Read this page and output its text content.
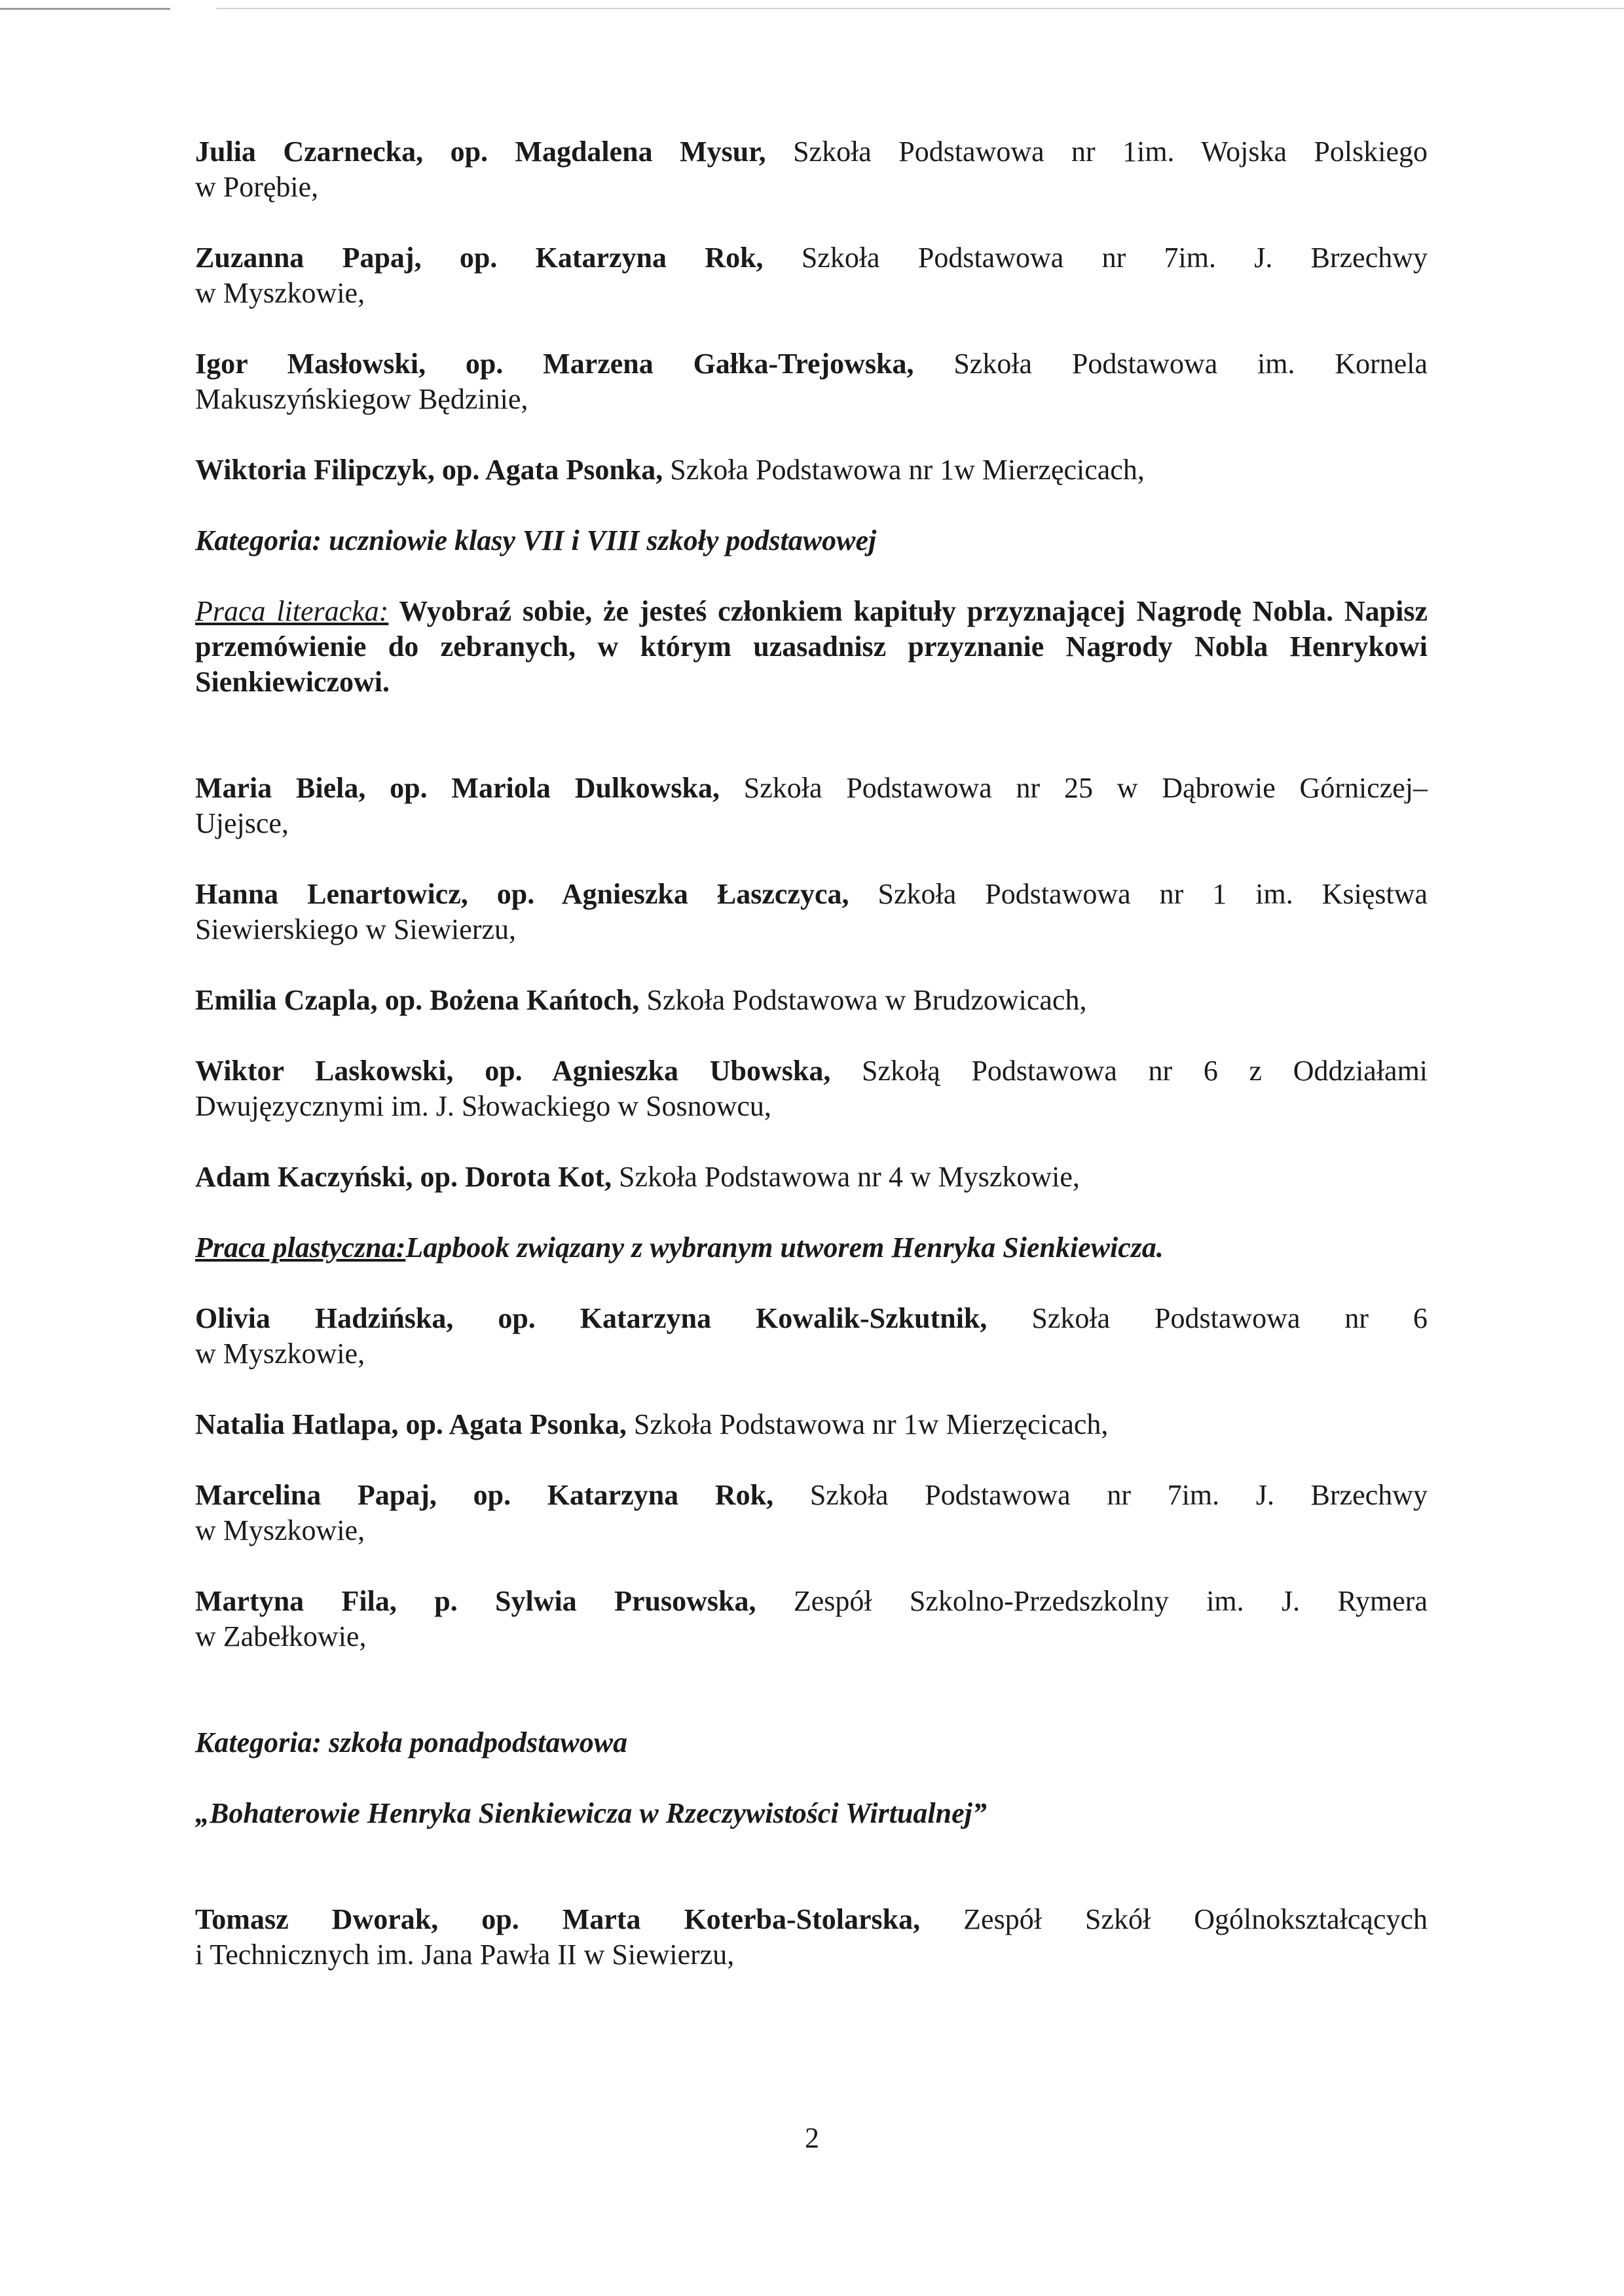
Julia Czarnecka, op. Magdalena Mysur, Szkoła Podstawowa nr 1im. Wojska Polskiego
w Porębie,
Zuzanna Papaj, op. Katarzyna Rok, Szkoła Podstawowa nr 7im. J. Brzechwy
w Myszkowie,
Igor Masłowski, op. Marzena Gałka-Trejowska, Szkoła Podstawowa im. Kornela
Makuszyńskiegow Będzinie,
Wiktoria Filipczyk, op. Agata Psonka, Szkoła Podstawowa nr 1w Mierzęcicach,
Kategoria: uczniowie klasy VII i VIII szkoły podstawowej
Praca literacka: Wyobraź sobie, że jesteś członkiem kapituły przyznającej Nagrodę Nobla. Napisz przemówienie do zebranych, w którym uzasadnisz przyznanie Nagrody Nobla Henrykowi Sienkiewiczowi.
Maria Biela, op. Mariola Dulkowska, Szkoła Podstawowa nr 25 w Dąbrowie Górniczej–
Ujejsce,
Hanna Lenartowicz, op. Agnieszka Łaszczyca, Szkoła Podstawowa nr 1 im. Księstwa
Siewierskiego w Siewierzu,
Emilia Czapla, op. Bożena Kańtoch, Szkoła Podstawowa w Brudzowicach,
Wiktor Laskowski, op. Agnieszka Ubowska, Szkołą Podstawowa nr 6 z Oddziałami
Dwujęzycznymi im. J. Słowackiego w Sosnowcu,
Adam Kaczyński, op. Dorota Kot, Szkoła Podstawowa nr 4 w Myszkowie,
Praca plastyczna:Lapbook związany z wybranym utworem Henryka Sienkiewicza.
Olivia Hadzińska, op. Katarzyna Kowalik-Szkutnik, Szkoła Podstawowa nr 6
w Myszkowie,
Natalia Hatlapa, op. Agata Psonka, Szkoła Podstawowa nr 1w Mierzęcicach,
Marcelina Papaj, op. Katarzyna Rok, Szkoła Podstawowa nr 7im. J. Brzechwy
w Myszkowie,
Martyna Fila, p. Sylwia Prusowska, Zespół Szkolno-Przedszkolny im. J. Rymera
w Zabełkowie,
Kategoria: szkoła ponadpodstawowa
„Bohaterowie Henryka Sienkiewicza w Rzeczywistości Wirtualnej”
Tomasz Dworak, op. Marta Koterba-Stolarska, Zespół Szkół Ogólnokształcących
i Technicznych im. Jana Pawła II w Siewierzu,
2
